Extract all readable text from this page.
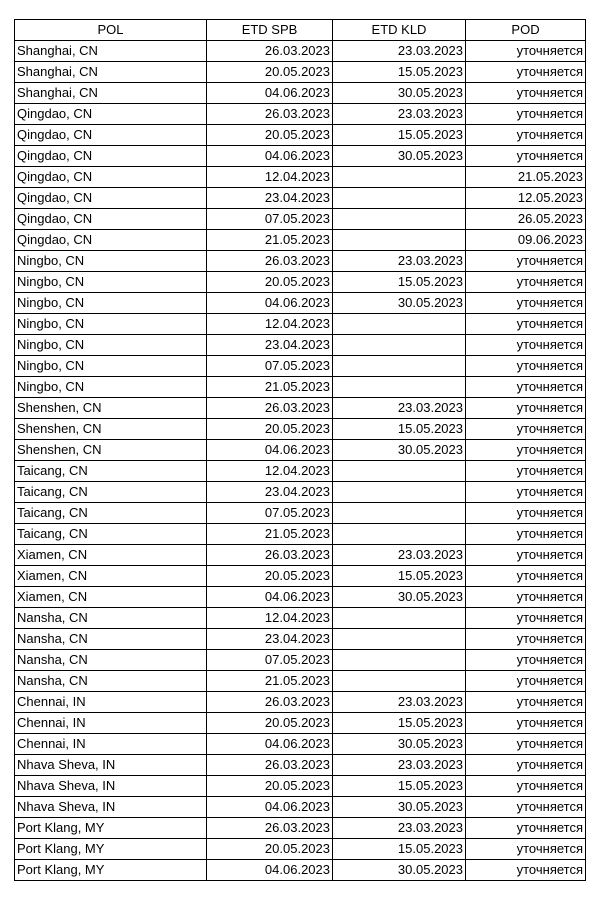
POL	ETD SPB	ETD KLD	POD
Shanghai, CN	26.03.2023	23.03.2023	уточняется
Shanghai, CN	20.05.2023	15.05.2023	уточняется
Shanghai, CN	04.06.2023	30.05.2023	уточняется
Qingdao, CN	26.03.2023	23.03.2023	уточняется
Qingdao, CN	20.05.2023	15.05.2023	уточняется
Qingdao, CN	04.06.2023	30.05.2023	уточняется
Qingdao, CN	12.04.2023		21.05.2023
Qingdao, CN	23.04.2023		12.05.2023
Qingdao, CN	07.05.2023		26.05.2023
Qingdao, CN	21.05.2023		09.06.2023
Ningbo, CN	26.03.2023	23.03.2023	уточняется
Ningbo, CN	20.05.2023	15.05.2023	уточняется
Ningbo, CN	04.06.2023	30.05.2023	уточняется
Ningbo, CN	12.04.2023		уточняется
Ningbo, CN	23.04.2023		уточняется
Ningbo, CN	07.05.2023		уточняется
Ningbo, CN	21.05.2023		уточняется
Shenshen, CN	26.03.2023	23.03.2023	уточняется
Shenshen, CN	20.05.2023	15.05.2023	уточняется
Shenshen, CN	04.06.2023	30.05.2023	уточняется
Taicang, CN	12.04.2023		уточняется
Taicang, CN	23.04.2023		уточняется
Taicang, CN	07.05.2023		уточняется
Taicang, CN	21.05.2023		уточняется
Xiamen, CN	26.03.2023	23.03.2023	уточняется
Xiamen, CN	20.05.2023	15.05.2023	уточняется
Xiamen, CN	04.06.2023	30.05.2023	уточняется
Nansha, CN	12.04.2023		уточняется
Nansha, CN	23.04.2023		уточняется
Nansha, CN	07.05.2023		уточняется
Nansha, CN	21.05.2023		уточняется
Chennai, IN	26.03.2023	23.03.2023	уточняется
Chennai, IN	20.05.2023	15.05.2023	уточняется
Chennai, IN	04.06.2023	30.05.2023	уточняется
Nhava Sheva, IN	26.03.2023	23.03.2023	уточняется
Nhava Sheva, IN	20.05.2023	15.05.2023	уточняется
Nhava Sheva, IN	04.06.2023	30.05.2023	уточняется
Port Klang, MY	26.03.2023	23.03.2023	уточняется
Port Klang, MY	20.05.2023	15.05.2023	уточняется
Port Klang, MY	04.06.2023	30.05.2023	уточняется
